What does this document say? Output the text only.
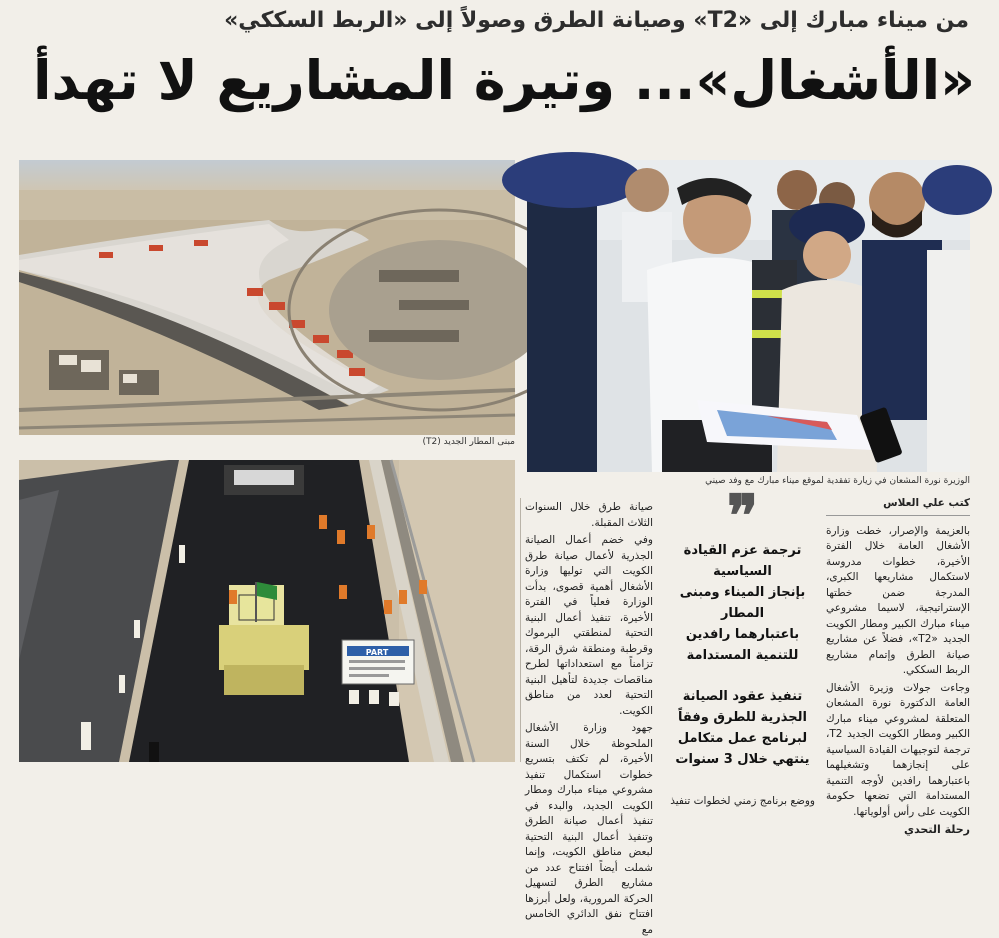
من ميناء مبارك إلى «T2» وصيانة الطرق وصولاً إلى «الربط السككي»
«الأشغال»... وتيرة المشاريع لا تهدأ
مبنى المطار الجديد (T2)
الوزيرة نورة المشعان في زيارة تفقدية لموقع ميناء مبارك مع وفد صيني
PART

صيانة طرق خلال السنوات الثلاث المقبلة.

وفي خضم أعمال الصيانة الجذرية لأعمال صيانة طرق الكويت التي توليها وزارة الأشغال أهمية قصوى، بدأت الوزارة فعلياً في الفترة الأخيرة، تنفيذ أعمال البنية التحتية لمنطقتي اليرموك وقرطبة ومنطقة شرق الرقة، تزامناً مع استعداداتها لطرح مناقصات جديدة لتأهيل البنية التحتية لعدد من مناطق الكويت.

جهود وزارة الأشغال الملحوظة خلال السنة الأخيرة، لم تكتف بتسريع خطوات استكمال تنفيذ مشروعي ميناء مبارك ومطار الكويت الجديد، والبدء في تنفيذ أعمال صيانة الطرق وتنفيذ أعمال البنية التحتية لبعض مناطق الكويت، وإنما شملت أيضاً افتتاح عدد من مشاريع الطرق لتسهيل الحركة المرورية، ولعل أبرزها افتتاح نفق الدائري الخامس مع

❞
ترجمة عزم القيادة السياسية
بإنجاز الميناء ومبنى المطار
باعتبارهما رافدين
للتنمية المستدامة
تنفيذ عقود الصيانة
الجذرية للطرق وفقاً
لبرنامج عمل متكامل
ينتهي خلال 3 سنوات
ووضع برنامج زمني لخطوات تنفيذ
كتب علي العلاس

بالعزيمة والإصرار، خطت وزارة الأشغال العامة خلال الفترة الأخيرة، خطوات مدروسة لاستكمال مشاريعها الكبرى، المدرجة ضمن خطتها الإستراتيجية، لاسيما مشروعي ميناء مبارك الكبير ومطار الكويت الجديد «T2»، فضلاً عن مشاريع صيانة الطرق وإتمام مشاريع الربط السككي.

وجاءت جولات وزيرة الأشغال العامة الدكتورة نورة المشعان المتعلقة لمشروعي ميناء مبارك الكبير ومطار الكويت الجديد T2، ترجمة لتوجيهات القيادة السياسية على إنجازهما وتشغيلهما باعتبارهما رافدين لأوجه التنمية المستدامة التي تضعها حكومة الكويت على رأس أولوياتها.

رحلة التحدي
